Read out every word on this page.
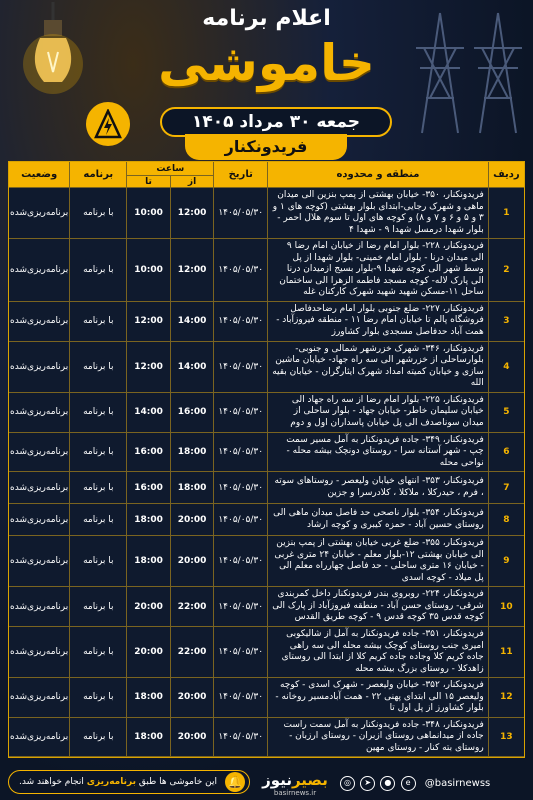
اعلام برنامه
خاموشی
جمعه ۳۰ مرداد ۱۴۰۵
فریدونکنار
ردیف	منطقه و محدوده	تاریخ	ساعت		برنامه	وضعیت
			از	تا		
1	فریدونکنار، ۳۵۰- خیابان بهشتی از پمپ بنزین الی میدان ماهی و شهرک رجایی-ابتدای بلوار بهشتی (کوچه های ۱ و ۳ و ۵ و ۶ و ۷ و ۸) و کوچه های اول تا سوم هلال احمر - بلوار شهدا درمسل شهدا ۹ - شهدا ۴	۱۴۰۵/۰۵/۳۰	12:00	10:00	با برنامه	برنامه‌ریزی‌شده
2	فریدونکنار، ۲۲۸- بلوار امام رضا از خیابان امام رضا ۹ الی میدان درنا - بلوار امام خمینی- بلوار شهدا از پل وسط شهر الی کوچه شهدا ۹-بلوار بسیج ازمیدان درنا الی پارک لاله- کوچه مسجد فاطمه الزهرا الی ساختمان ساحل ۱۱-مسکن شهید شهید شهرک کارکنان غله	۱۴۰۵/۰۵/۳۰	12:00	10:00	با برنامه	برنامه‌ریزی‌شده
3	فریدونکنار، ۲۲۷- ضلع جنوبی بلوار امام رضاحدفاصل فروشگاه پالم تا خیابان امام رضا ۱۱ - منطقه فیروزآباد - همت آباد حدفاصل مسجدی بلوار کشاورز	۱۴۰۵/۰۵/۳۰	14:00	12:00	با برنامه	برنامه‌ریزی‌شده
4	فریدونکنار، ۳۴۶- شهرک خزرشهر شمالی و جنوبی- بلوارساحلی از خزرشهر الی سه راه جهاد- خیابان ماشین سازی و خیابان کمیته امداد شهرک ایثارگران - خیابان بقیه الله	۱۴۰۵/۰۵/۳۰	14:00	12:00	با برنامه	برنامه‌ریزی‌شده
5	فریدونکنار، ۲۲۵- بلوار امام رضا از سه راه جهاد الی خیابان سلیمان خاطر- خیابان جهاد - بلوار ساحلی از میدان سوناصدف الی پل خیابان پاسداران اول و دوم	۱۴۰۵/۰۵/۳۰	16:00	14:00	با برنامه	برنامه‌ریزی‌شده
6	فریدونکنار، ۳۴۹- جاده فریدونکنار به آمل مسیر سمت چپ - شهر آستانه سرا - روستای دونچک بیشه محله - نواحی محله	۱۴۰۵/۰۵/۳۰	18:00	16:00	با برنامه	برنامه‌ریزی‌شده
7	فریدونکنار، ۳۵۳- انتهای خیابان ولیعصر - روستاهای سوته ، فرم ، حیدرکلا ، ملاکلا ، کلادرسرا و جزین	۱۴۰۵/۰۵/۳۰	18:00	16:00	با برنامه	برنامه‌ریزی‌شده
8	فریدونکنار، ۳۵۴- بلوار ناصحی حد فاصل میدان ماهی الی روستای حسین آباد - حمزه کیبری و کوچه ارشاد	۱۴۰۵/۰۵/۳۰	20:00	18:00	با برنامه	برنامه‌ریزی‌شده
9	فریدونکنار، ۳۵۵- ضلع غربی خیابان بهشتی از پمپ بنزین الی خیابان بهشتی ۱۲-بلوار معلم - خیابان ۲۴ متری غربی - خیابان ۱۶ متری ساحلی - حد فاصل چهارراه معلم الی پل میلاد - کوچه اسدی	۱۴۰۵/۰۵/۳۰	20:00	18:00	با برنامه	برنامه‌ریزی‌شده
10	فریدونکنار، ۲۲۴- روبروی بندر فریدونکنار داخل کمربندی شرقی- روستای حسن آباد - منطقه فیروزآباد از پارک الی کوچه قدس ۳۵ کوچه قدس ۹ - کوچه طریق القدس	۱۴۰۵/۰۵/۳۰	22:00	20:00	با برنامه	برنامه‌ریزی‌شده
11	فریدونکنار، ۳۵۱- جاده فریدونکنار به آمل از شالیکوبی امیری جنب روستای کوچک بیشه محله الی سه راهی جاده کریم کلا وجاده جاده کریم کلا از ابتدا الی روستای زاهدکلا - روستای بزرگ بیشه محله	۱۴۰۵/۰۵/۳۰	22:00	20:00	با برنامه	برنامه‌ریزی‌شده
12	فریدونکنار، ۳۵۲- خیابان ولیعصر - شهرک اسدی - کوچه ولیعصر ۱۵ الی ابتدای پهنی ۲۲ - همت آبادمسیر روخانه - بلوار کشاورز از پل اول تا	۱۴۰۵/۰۵/۳۰	20:00	18:00	با برنامه	برنامه‌ریزی‌شده
13	فریدونکنار، ۳۴۸- جاده فریدونکنار به آمل سمت راست جاده از میدانماهی روستای ازبران - روستای ارزبان - روستای بته کنار - روستای مهین	۱۴۰۵/۰۵/۳۰	20:00	18:00	با برنامه	برنامه‌ریزی‌شده
🔔
این خاموشی ها طبق برنامه‌ریزی انجام خواهند شد.	بصیرنیوز
basirnews.ir
◎ ➤ ● e @basirnewss
